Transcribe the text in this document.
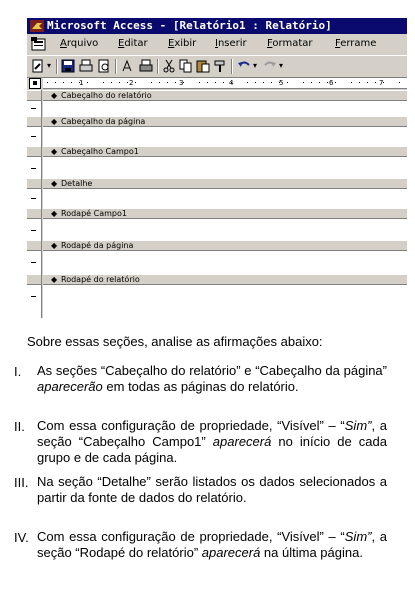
Microsoft Access - [Relatório1 : Relatório]
Arquivo Editar Exibir Inserir Formatar Ferrame
▾	▾	▾
1	2	3	4	5	6	7
◆ Cabeçalho do relatório
◆ Cabeçalho da página
◆ Cabeçalho Campo1
◆ Detalhe
◆ Rodapé Campo1
◆ Rodapé da página
◆ Rodapé do relatório
Sobre essas seções, analise as afirmações abaixo:
I. As seções “Cabeçalho do relatório” e “Cabeçalho da página” aparecerão em todas as páginas do relatório.
II. Com essa configuração de propriedade, “Visível” – “Sim”, a seção “Cabeçalho Campo1” aparecerá no início de cada grupo e de cada página.
III. Na seção “Detalhe” serão listados os dados selecionados a partir da fonte de dados do relatório.
IV. Com essa configuração de propriedade, “Visível” – “Sim”, a seção “Rodapé do relatório” aparecerá na última página.
